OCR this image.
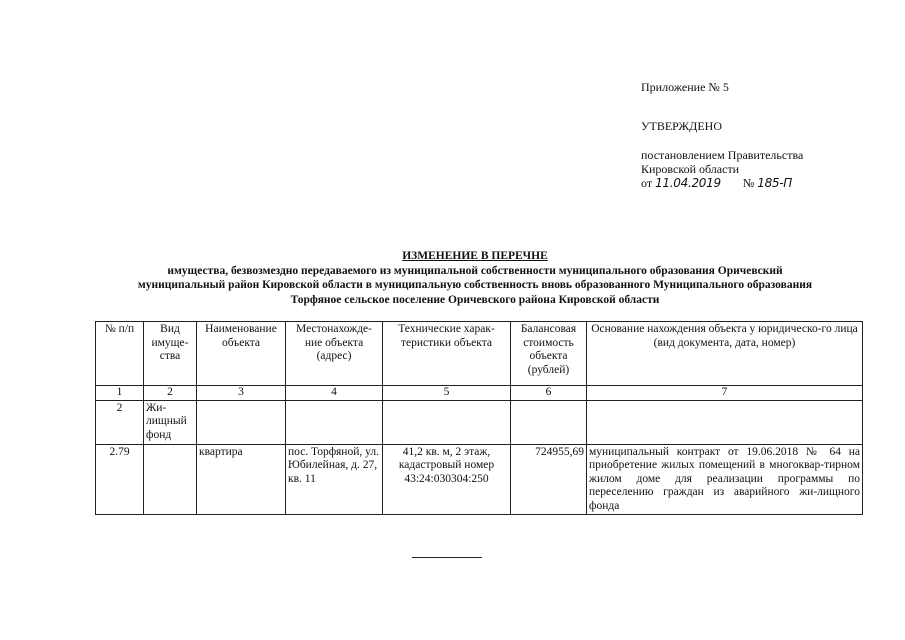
Приложение № 5
УТВЕРЖДЕНО
постановлением Правительства
Кировской области
от 11.04.2019 № 185-П
ИЗМЕНЕНИЕ В ПЕРЕЧНЕ
имущества, безвозмездно передаваемого из муниципальной собственности муниципального образования Оричевский
муниципальный район Кировской области в муниципальную собственность вновь образованного Муниципального образования
Торфяное сельское поселение Оричевского района Кировской области
№ п/п	Вид имуще-ства	Наименование объекта	Местонахожде-ние объекта (адрес)	Технические харак-теристики объекта	Балансовая стоимость объекта (рублей)	Основание нахождения объекта у юридическо-го лица (вид документа, дата, номер)
1	2	3	4	5	6	7
2	Жи-лищный фонд					
2.79		квартира	пос. Торфяной, ул. Юбилейная, д. 27, кв. 11	41,2 кв. м, 2 этаж, кадастровый номер 43:24:030304:250	724955,69	муниципальный контракт от 19.06.2018 № 64 на приобретение жилых помещений в многоквар-тирном жилом доме для реализации программы по переселению граждан из аварийного жи-лищного фонда
